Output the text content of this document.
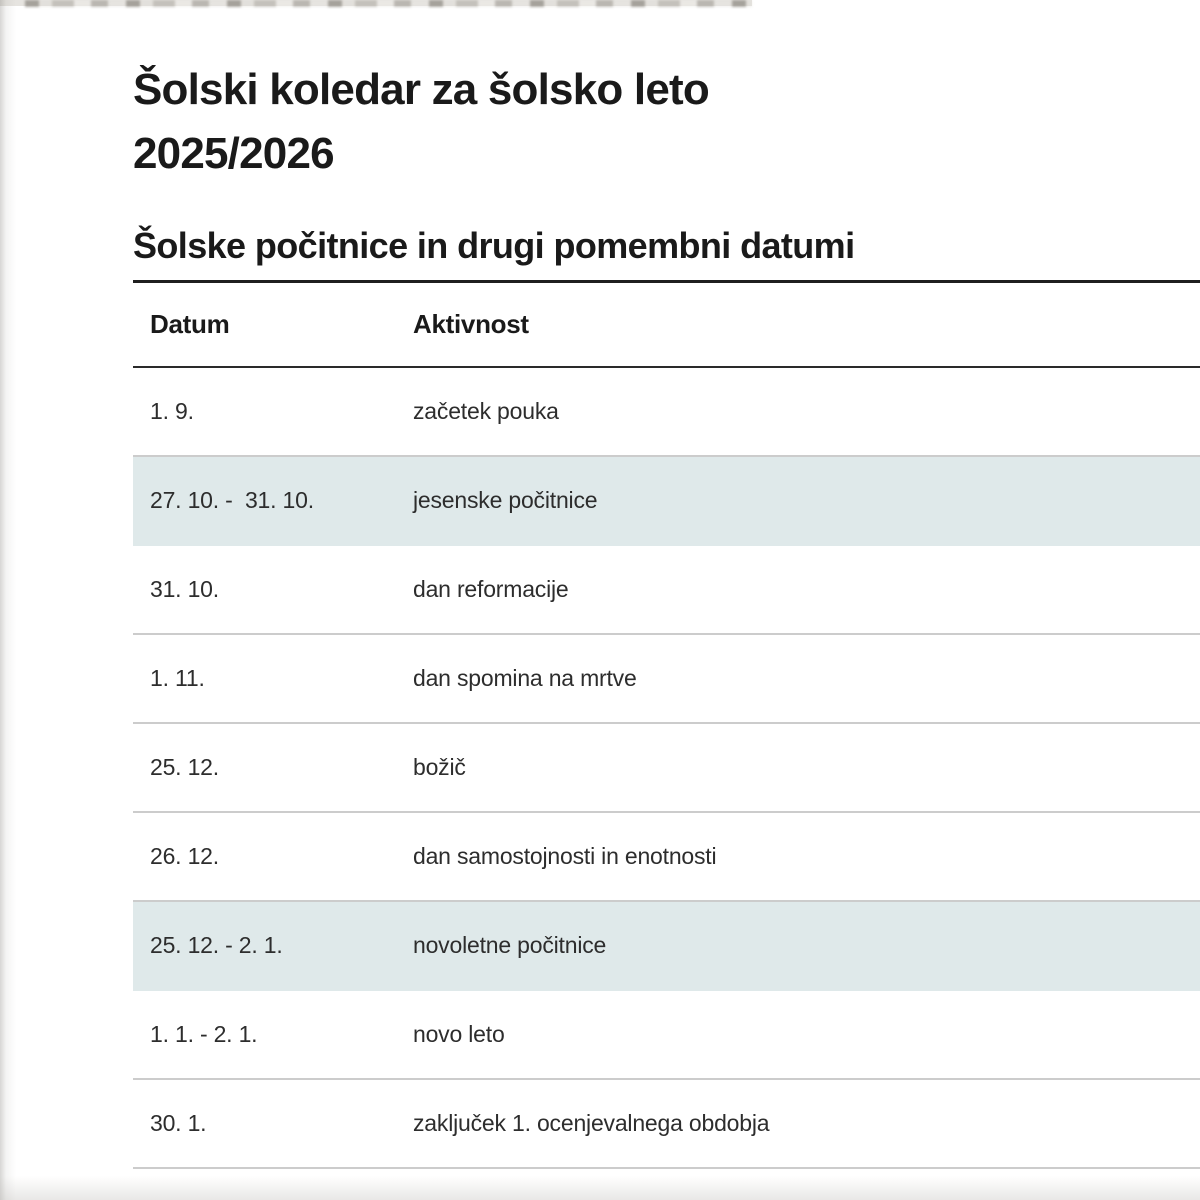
Šolski koledar za šolsko leto
2025/2026
Šolske počitnice in drugi pomembni datumi
Datum	Aktivnost
1. 9.	začetek pouka
27. 10. -  31. 10.	jesenske počitnice
31. 10.	dan reformacije
1. 11.	dan spomina na mrtve
25. 12.	božič
26. 12.	dan samostojnosti in enotnosti
25. 12. - 2. 1.	novoletne počitnice
1. 1. - 2. 1.	novo leto
30. 1.	zaključek 1. ocenjevalnega obdobja
